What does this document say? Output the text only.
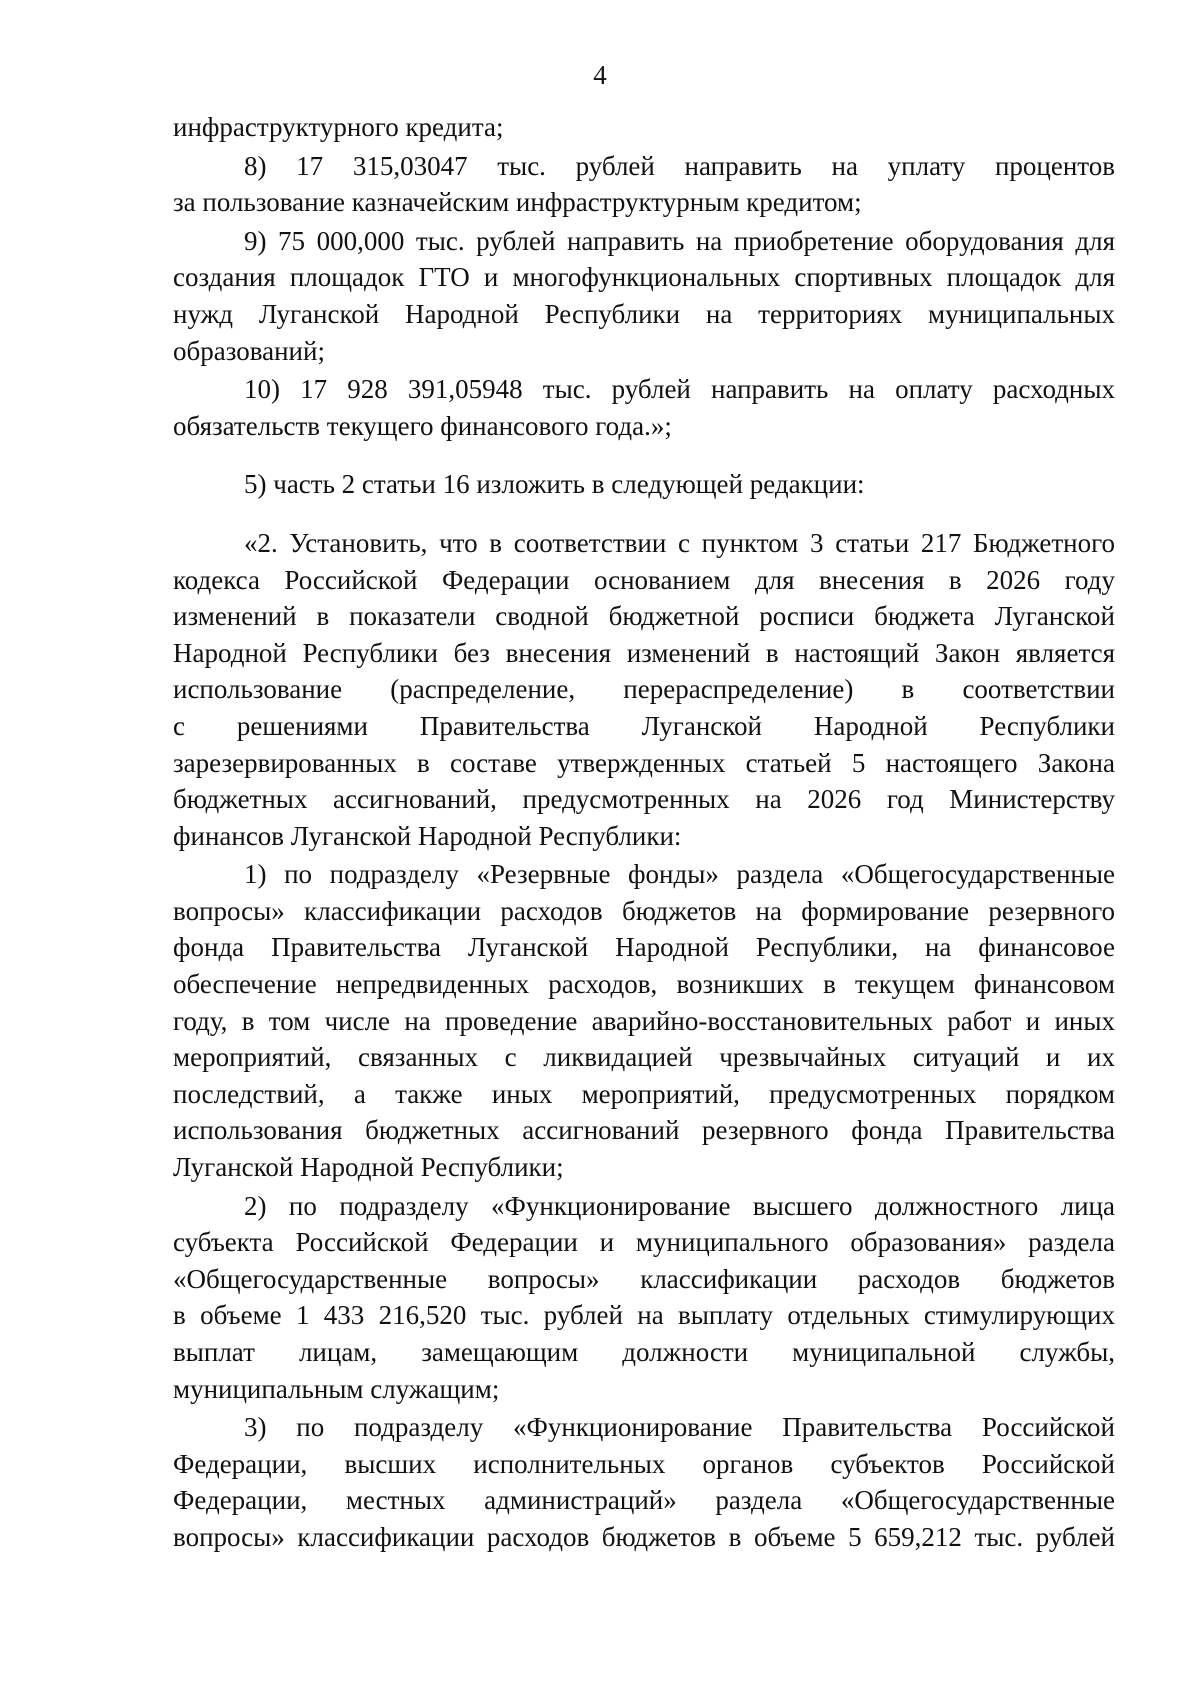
4
инфраструктурного кредита;
8) 17 315,03047 тыс. рублей направить на уплату процентов
за пользование казначейским инфраструктурным кредитом;
9) 75 000,000 тыс. рублей направить на приобретение оборудования для
создания площадок ГТО и многофункциональных спортивных площадок для
нужд Луганской Народной Республики на территориях муниципальных
образований;
10) 17 928 391,05948 тыс. рублей направить на оплату расходных
обязательств текущего финансового года.»;
5) часть 2 статьи 16 изложить в следующей редакции:
«2. Установить, что в соответствии с пунктом 3 статьи 217 Бюджетного
кодекса Российской Федерации основанием для внесения в 2026 году
изменений в показатели сводной бюджетной росписи бюджета Луганской
Народной Республики без внесения изменений в настоящий Закон является
использование (распределение, перераспределение) в соответствии
с решениями Правительства Луганской Народной Республики
зарезервированных в составе утвержденных статьей 5 настоящего Закона
бюджетных ассигнований, предусмотренных на 2026 год Министерству
финансов Луганской Народной Республики:
1) по подразделу «Резервные фонды» раздела «Общегосударственные
вопросы» классификации расходов бюджетов на формирование резервного
фонда Правительства Луганской Народной Республики, на финансовое
обеспечение непредвиденных расходов, возникших в текущем финансовом
году, в том числе на проведение аварийно-восстановительных работ и иных
мероприятий, связанных с ликвидацией чрезвычайных ситуаций и их
последствий, а также иных мероприятий, предусмотренных порядком
использования бюджетных ассигнований резервного фонда Правительства
Луганской Народной Республики;
2) по подразделу «Функционирование высшего должностного лица
субъекта Российской Федерации и муниципального образования» раздела
«Общегосударственные вопросы» классификации расходов бюджетов
в объеме 1 433 216,520 тыс. рублей на выплату отдельных стимулирующих
выплат лицам, замещающим должности муниципальной службы,
муниципальным служащим;
3) по подразделу «Функционирование Правительства Российской
Федерации, высших исполнительных органов субъектов Российской
Федерации, местных администраций» раздела «Общегосударственные
вопросы» классификации расходов бюджетов в объеме 5 659,212 тыс. рублей
